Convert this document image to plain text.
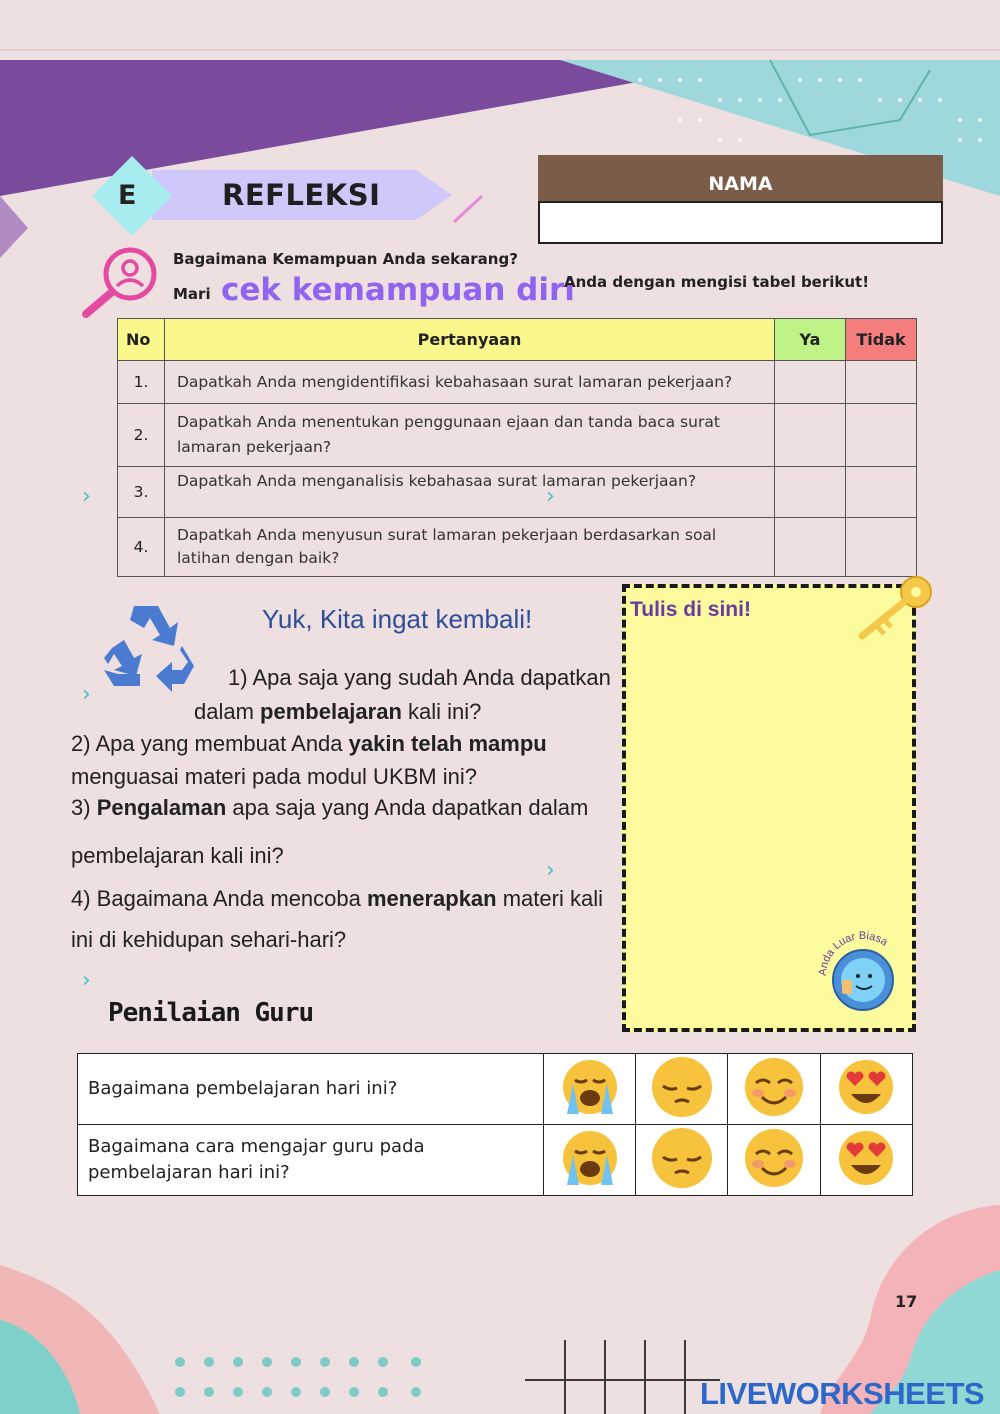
E	REFLEKSI	NAMA
Bagaimana Kemampuan Anda sekarang?
Mari cek kemampuan diri
Anda dengan mengisi tabel berikut!
No	Pertanyaan	Ya	Tidak
1.	Dapatkah Anda mengidentifikasi kebahasaan surat lamaran pekerjaan?		
2.	Dapatkah Anda menentukan penggunaan ejaan dan tanda baca surat lamaran pekerjaan?		
3.	Dapatkah Anda menganalisis kebahasaa surat lamaran pekerjaan?		
4.	Dapatkah Anda menyusun surat lamaran pekerjaan berdasarkan soal latihan dengan baik?		
›	›
›
›
›
Yuk, Kita ingat kembali!
1) Apa saja yang sudah Anda dapatkan
dalam pembelajaran kali ini?
2) Apa yang membuat Anda yakin telah mampu
menguasai materi pada modul UKBM ini?
3) Pengalaman apa saja yang Anda dapatkan dalam
pembelajaran kali ini?
4) Bagaimana Anda mencoba menerapkan materi kali
ini di kehidupan sehari-hari?
Tulis di sini!
Anda Luar Biasa
Penilaian Guru
Bagaimana pembelajaran hari ini?				
Bagaimana cara mengajar guru pada pembelajaran hari ini?				
17
LIVEWORKSHEETS
